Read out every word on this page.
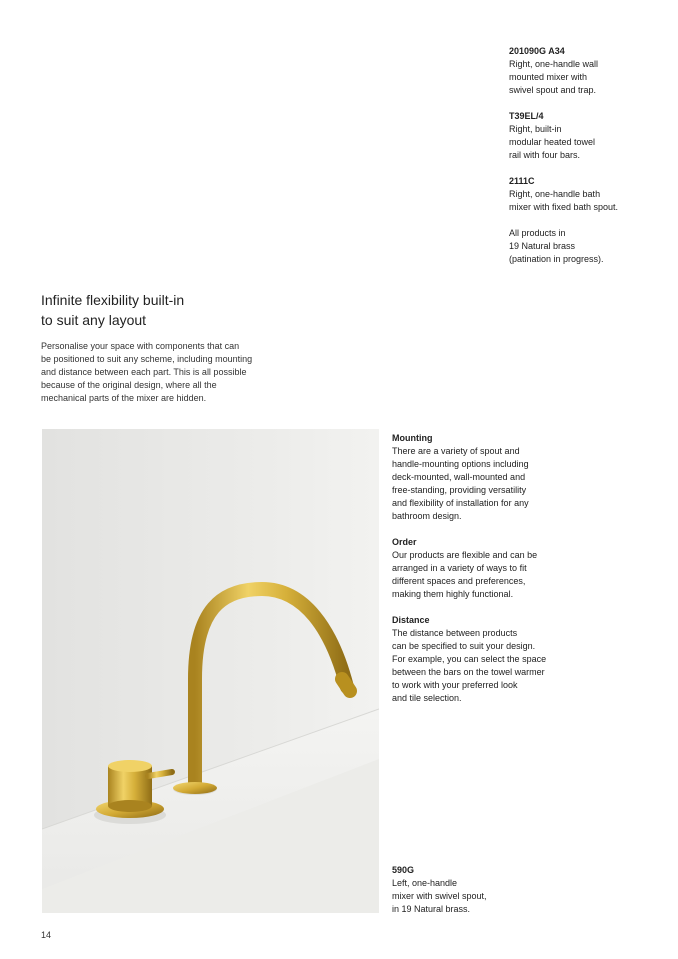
201090G A34
Right, one-handle wall
mounted mixer with
swivel spout and trap.
T39EL/4
Right, built-in
modular heated towel
rail with four bars.
2111C
Right, one-handle bath
mixer with fixed bath spout.
All products in
19 Natural brass
(patination in progress).
Infinite flexibility built-in
to suit any layout
Personalise your space with components that can
be positioned to suit any scheme, including mounting
and distance between each part. This is all possible
because of the original design, where all the
mechanical parts of the mixer are hidden.
Mounting
There are a variety of spout and
handle-mounting options including
deck-mounted, wall-mounted and
free-standing, providing versatility
and flexibility of installation for any
bathroom design.
Order
Our products are flexible and can be
arranged in a variety of ways to fit
different spaces and preferences,
making them highly functional.
Distance
The distance between products
can be specified to suit your design.
For example, you can select the space
between the bars on the towel warmer
to work with your preferred look
and tile selection.
590G
Left, one-handle
mixer with swivel spout,
in 19 Natural brass.
14
